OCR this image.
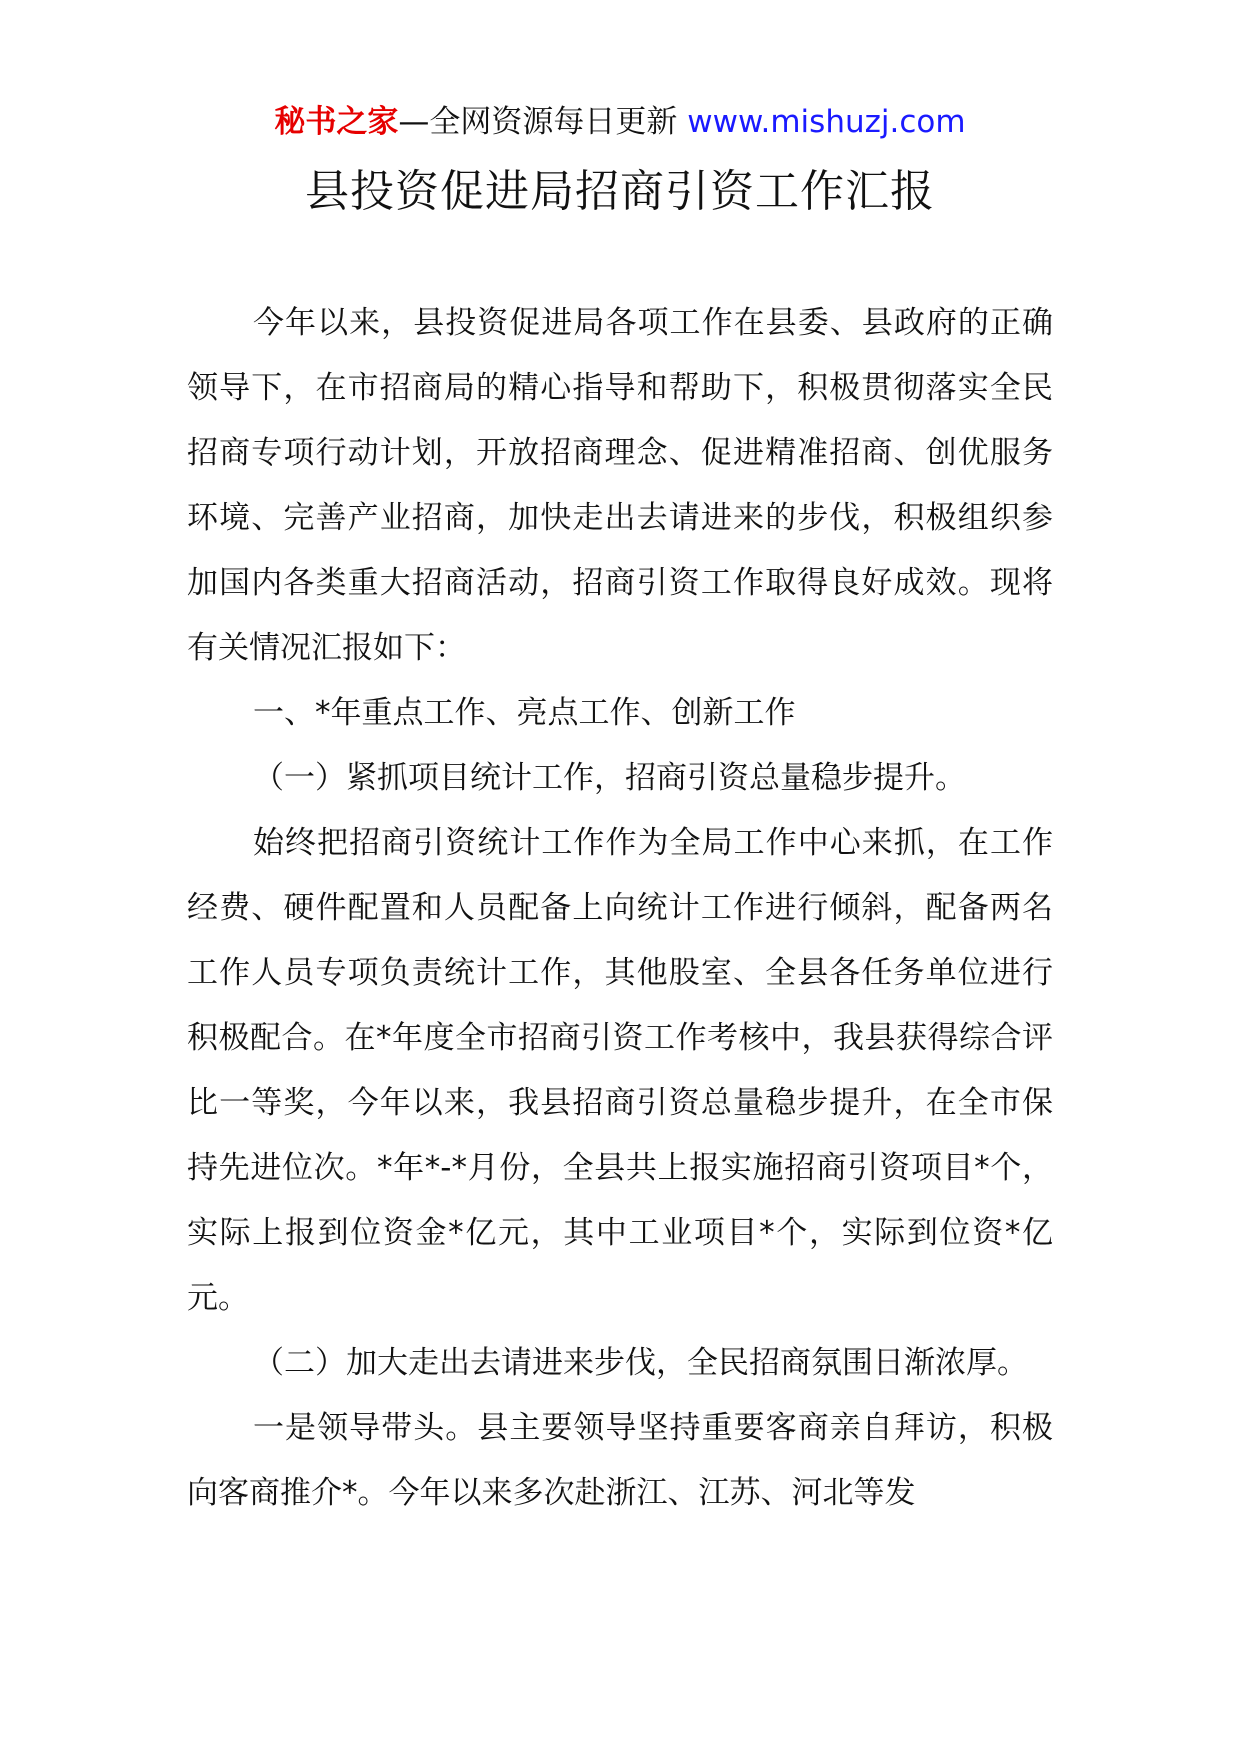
秘书之家—全网资源每日更新 www.mishuzj.com
县投资促进局招商引资工作汇报

今年以来，县投资促进局各项工作在县委、县政府的正确领导下，在市招商局的精心指导和帮助下，积极贯彻落实全民招商专项行动计划，开放招商理念、促进精准招商、创优服务环境、完善产业招商，加快走出去请进来的步伐，积极组织参加国内各类重大招商活动，招商引资工作取得良好成效。现将有关情况汇报如下：

一、*年重点工作、亮点工作、创新工作

（一）紧抓项目统计工作，招商引资总量稳步提升。

始终把招商引资统计工作作为全局工作中心来抓，在工作经费、硬件配置和人员配备上向统计工作进行倾斜，配备两名工作人员专项负责统计工作，其他股室、全县各任务单位进行积极配合。在*年度全市招商引资工作考核中，我县获得综合评比一等奖，今年以来，我县招商引资总量稳步提升，在全市保持先进位次。*年*-*月份，全县共上报实施招商引资项目*个，实际上报到位资金*亿元，其中工业项目*个，实际到位资*亿元。

（二）加大走出去请进来步伐，全民招商氛围日渐浓厚。

一是领导带头。县主要领导坚持重要客商亲自拜访，积极向客商推介*。今年以来多次赴浙江、江苏、河北等发
